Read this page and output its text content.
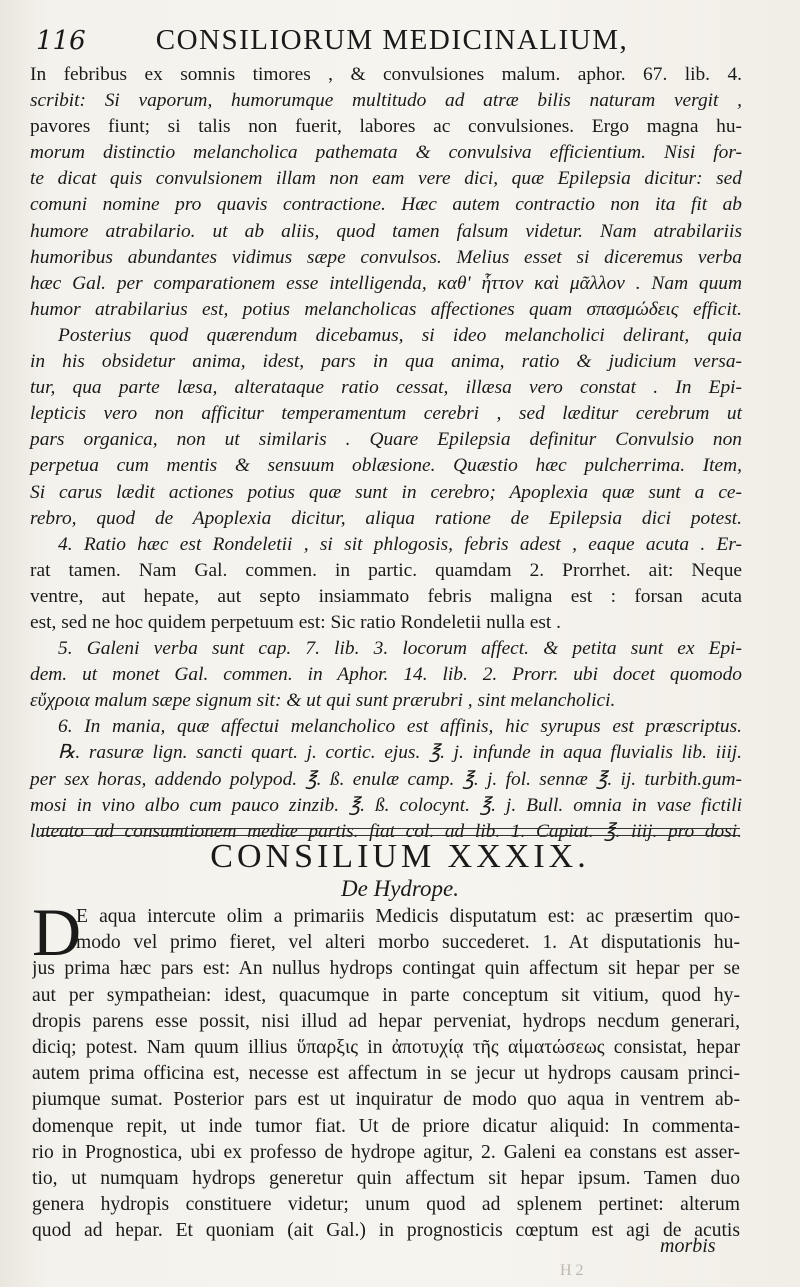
116	CONSILIORUM MEDICINALIUM,

In febribus ex somnis timores , & convulsiones malum. aphor. 67. lib. 4.

scribit: Si vaporum, humorumque multitudo ad atræ bilis naturam vergit ,

pavores fiunt; si talis non fuerit, labores ac convulsiones. Ergo magna hu-

morum distinctio melancholica pathemata & convulsiva efficientium. Nisi for-

te dicat quis convulsionem illam non eam vere dici, quæ Epilepsia dicitur: sed

comuni nomine pro quavis contractione. Hæc autem contractio non ita fit ab

humore atrabilario. ut ab aliis, quod tamen falsum videtur. Nam atrabilariis

humoribus abundantes vidimus sæpe convulsos. Melius esset si diceremus verba

hæc Gal. per comparationem esse intelligenda, καθ' ἧττον καὶ μᾶλλον . Nam quum

humor atrabilarius est, potius melancholicas affectiones quam σπασμώδεις efficit.

Posterius quod quærendum dicebamus, si ideo melancholici delirant, quia

in his obsidetur anima, idest, pars in qua anima, ratio & judicium versa-

tur, qua parte læsa, alterataque ratio cessat, illæsa vero constat . In Epi-

lepticis vero non afficitur temperamentum cerebri , sed læditur cerebrum ut

pars organica, non ut similaris . Quare Epilepsia definitur Convulsio non

perpetua cum mentis & sensuum oblæsione. Quæstio hæc pulcherrima. Item,

Si carus lædit actiones potius quæ sunt in cerebro; Apoplexia quæ sunt a ce-

rebro, quod de Apoplexia dicitur, aliqua ratione de Epilepsia dici potest.

4. Ratio hæc est Rondeletii , si sit phlogosis, febris adest , eaque acuta . Er-

rat tamen. Nam Gal. commen. in partic. quamdam 2. Prorrhet. ait: Neque

ventre, aut hepate, aut septo insiammato febris maligna est : forsan acuta

est, sed ne hoc quidem perpetuum est: Sic ratio Rondeletii nulla est .

5. Galeni verba sunt cap. 7. lib. 3. locorum affect. & petita sunt ex Epi-

dem. ut monet Gal. commen. in Aphor. 14. lib. 2. Prorr. ubi docet quomodo

εὔχροια malum sæpe signum sit: & ut qui sunt prærubri , sint melancholici.

6. In mania, quæ affectui melancholico est affinis, hic syrupus est præscriptus.

℞. rasuræ lign. sancti quart. j. cortic. ejus. ℥. j. infunde in aqua fluvialis lib. iiij.

per sex horas, addendo polypod. ℥. ß. enulæ camp. ℥. j. fol. sennæ ℥. ij. turbith.gum-

mosi in vino albo cum pauco zinzib. ℥. ß. colocynt. ℥. j. Bull. omnia in vase fictili

luteato ad consumtionem mediæ partis. fiat col. ad lib. 1. Capiat. ℥. iiij. pro dosi.

CONSILIUM XXXIX.
De Hydrope.
D
E aqua intercute olim a primariis Medicis disputatum est: ac præsertim quo-
modo vel primo fieret, vel alteri morbo succederet. 1. At disputationis hu-
jus prima hæc pars est: An nullus hydrops contingat quin affectum sit hepar per se
aut per sympatheian: idest, quacumque in parte conceptum sit vitium, quod hy-
dropis parens esse possit, nisi illud ad hepar perveniat, hydrops necdum generari,
diciq; potest. Nam quum illius ὕπαρξις in ἀποτυχίᾳ τῆς αἱματώσεως consistat, hepar
autem prima officina est, necesse est affectum in se jecur ut hydrops causam princi-
piumque sumat. Posterior pars est ut inquiratur de modo quo aqua in ventrem ab-
domenque repit, ut inde tumor fiat. Ut de priore dicatur aliquid: In commenta-
rio in Prognostica, ubi ex professo de hydrope agitur, 2. Galeni ea constans est asser-
tio, ut numquam hydrops generetur quin affectum sit hepar ipsum. Tamen duo
genera hydropis constituere videtur; unum quod ad splenem pertinet: alterum
quod ad hepar. Et quoniam (ait Gal.) in prognosticis cœptum est agi de acutis
morbis
H 2
